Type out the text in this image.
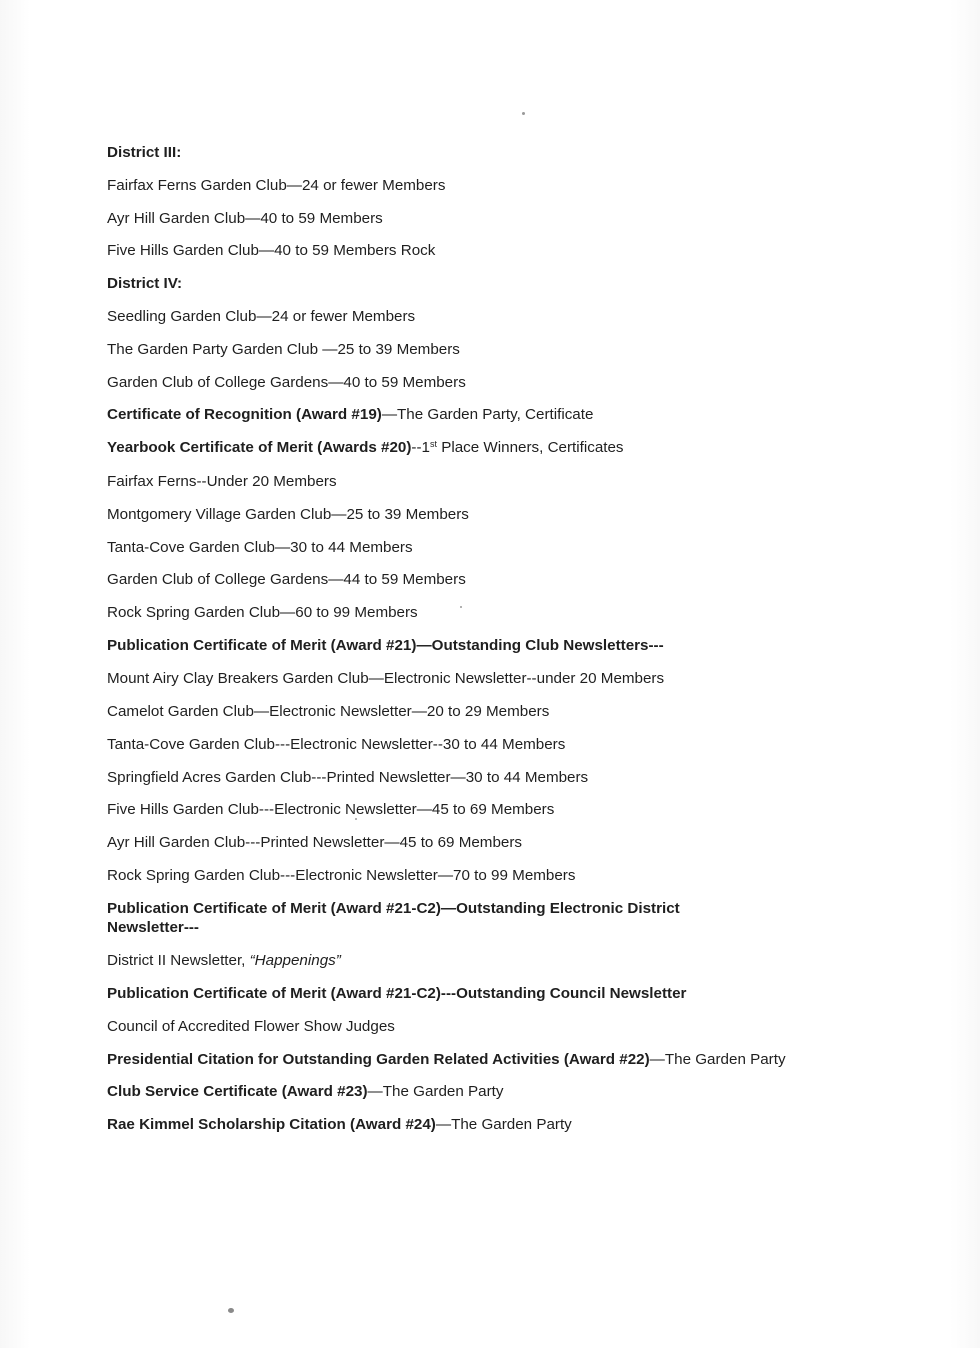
District III:
Fairfax Ferns Garden Club—24 or fewer Members
Ayr Hill Garden Club—40 to 59 Members
Five Hills Garden Club—40 to 59 Members Rock
District IV:
Seedling Garden Club—24 or fewer Members
The Garden Party Garden Club —25 to 39 Members
Garden Club of College Gardens—40 to 59 Members
Certificate of Recognition (Award #19)—The Garden Party, Certificate
Yearbook Certificate of Merit (Awards #20)--1st Place Winners, Certificates
Fairfax Ferns--Under 20 Members
Montgomery Village Garden Club—25 to 39 Members
Tanta-Cove Garden Club—30 to 44 Members
Garden Club of College Gardens—44 to 59 Members
Rock Spring Garden Club—60 to 99 Members
Publication Certificate of Merit (Award #21)—Outstanding Club Newsletters---
Mount Airy Clay Breakers Garden Club—Electronic Newsletter--under 20 Members
Camelot Garden Club—Electronic Newsletter—20 to 29 Members
Tanta-Cove Garden Club---Electronic Newsletter--30 to 44 Members
Springfield Acres Garden Club---Printed Newsletter—30 to 44 Members
Five Hills Garden Club---Electronic Newsletter—45 to 69 Members
Ayr Hill Garden Club---Printed Newsletter—45 to 69 Members
Rock Spring Garden Club---Electronic Newsletter—70 to 99 Members
Publication Certificate of Merit (Award #21-C2)—Outstanding Electronic District Newsletter---
District II Newsletter, “Happenings”
Publication Certificate of Merit (Award #21-C2)---Outstanding Council Newsletter
Council of Accredited Flower Show Judges
Presidential Citation for Outstanding Garden Related Activities (Award #22)—The Garden Party
Club Service Certificate (Award #23)—The Garden Party
Rae Kimmel Scholarship Citation (Award #24)—The Garden Party
